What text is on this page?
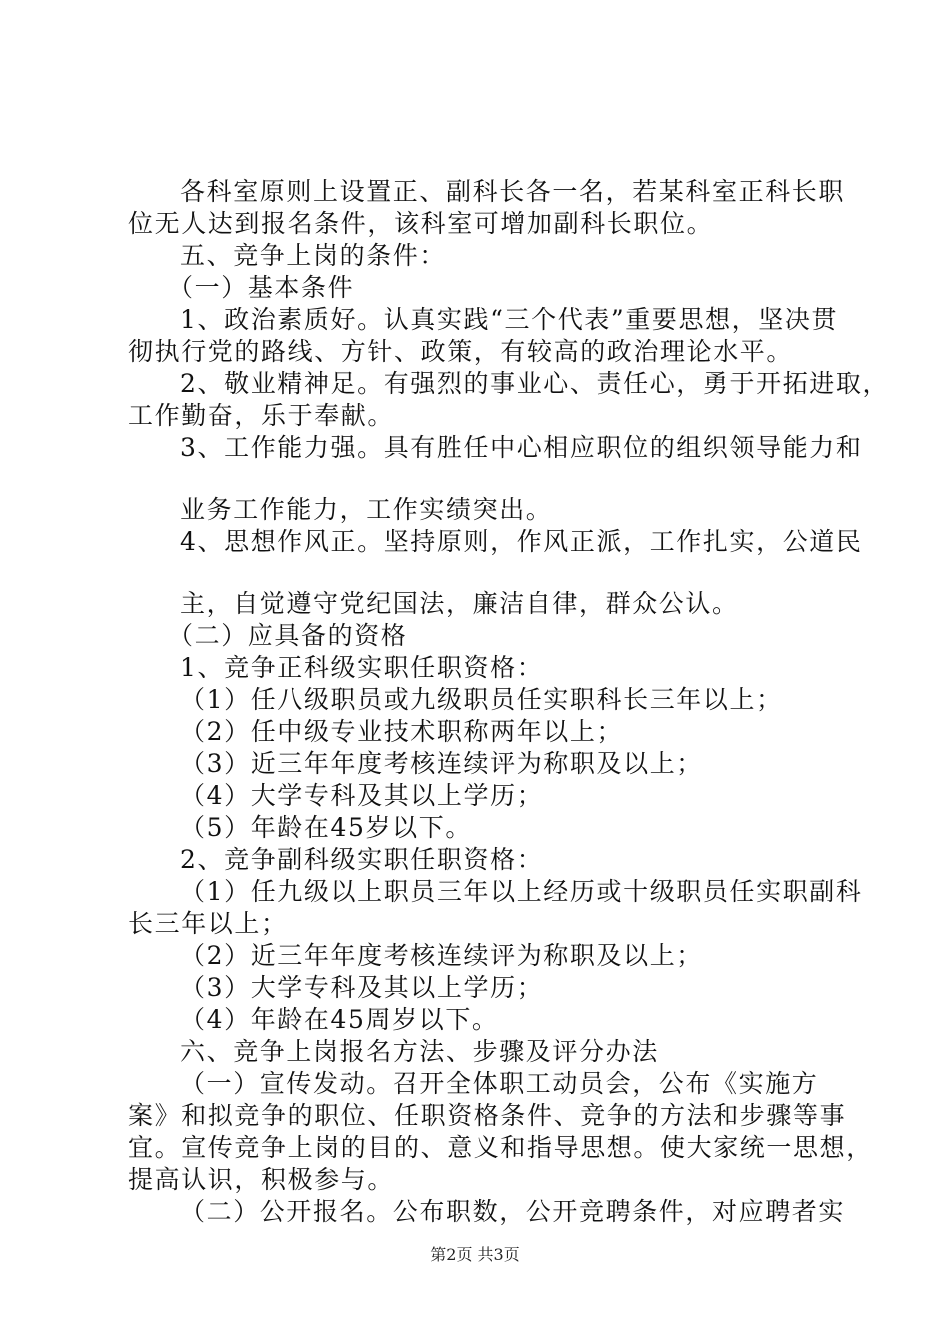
各科室原则上设置正、副科长各一名，若某科室正科长职
位无人达到报名条件，该科室可增加副科长职位。
五、竞争上岗的条件：
（一）基本条件
1、政治素质好。认真实践“三个代表”重要思想，坚决贯
彻执行党的路线、方针、政策，有较高的政治理论水平。
2、敬业精神足。有强烈的事业心、责任心，勇于开拓进取，
工作勤奋，乐于奉献。
3、工作能力强。具有胜任中心相应职位的组织领导能力和
业务工作能力，工作实绩突出。
4、思想作风正。坚持原则，作风正派，工作扎实，公道民
主，自觉遵守党纪国法，廉洁自律，群众公认。
（二）应具备的资格
1、竞争正科级实职任职资格：
（1）任八级职员或九级职员任实职科长三年以上；
（2）任中级专业技术职称两年以上；
（3）近三年年度考核连续评为称职及以上；
（4）大学专科及其以上学历；
（5）年龄在45岁以下。
2、竞争副科级实职任职资格：
（1）任九级以上职员三年以上经历或十级职员任实职副科
长三年以上；
（2）近三年年度考核连续评为称职及以上；
（3）大学专科及其以上学历；
（4）年龄在45周岁以下。
六、竞争上岗报名方法、步骤及评分办法
（一）宣传发动。召开全体职工动员会，公布《实施方
案》和拟竞争的职位、任职资格条件、竞争的方法和步骤等事
宜。宣传竞争上岗的目的、意义和指导思想。使大家统一思想，
提高认识，积极参与。
（二）公开报名。公布职数，公开竞聘条件，对应聘者实
第2页 共3页
